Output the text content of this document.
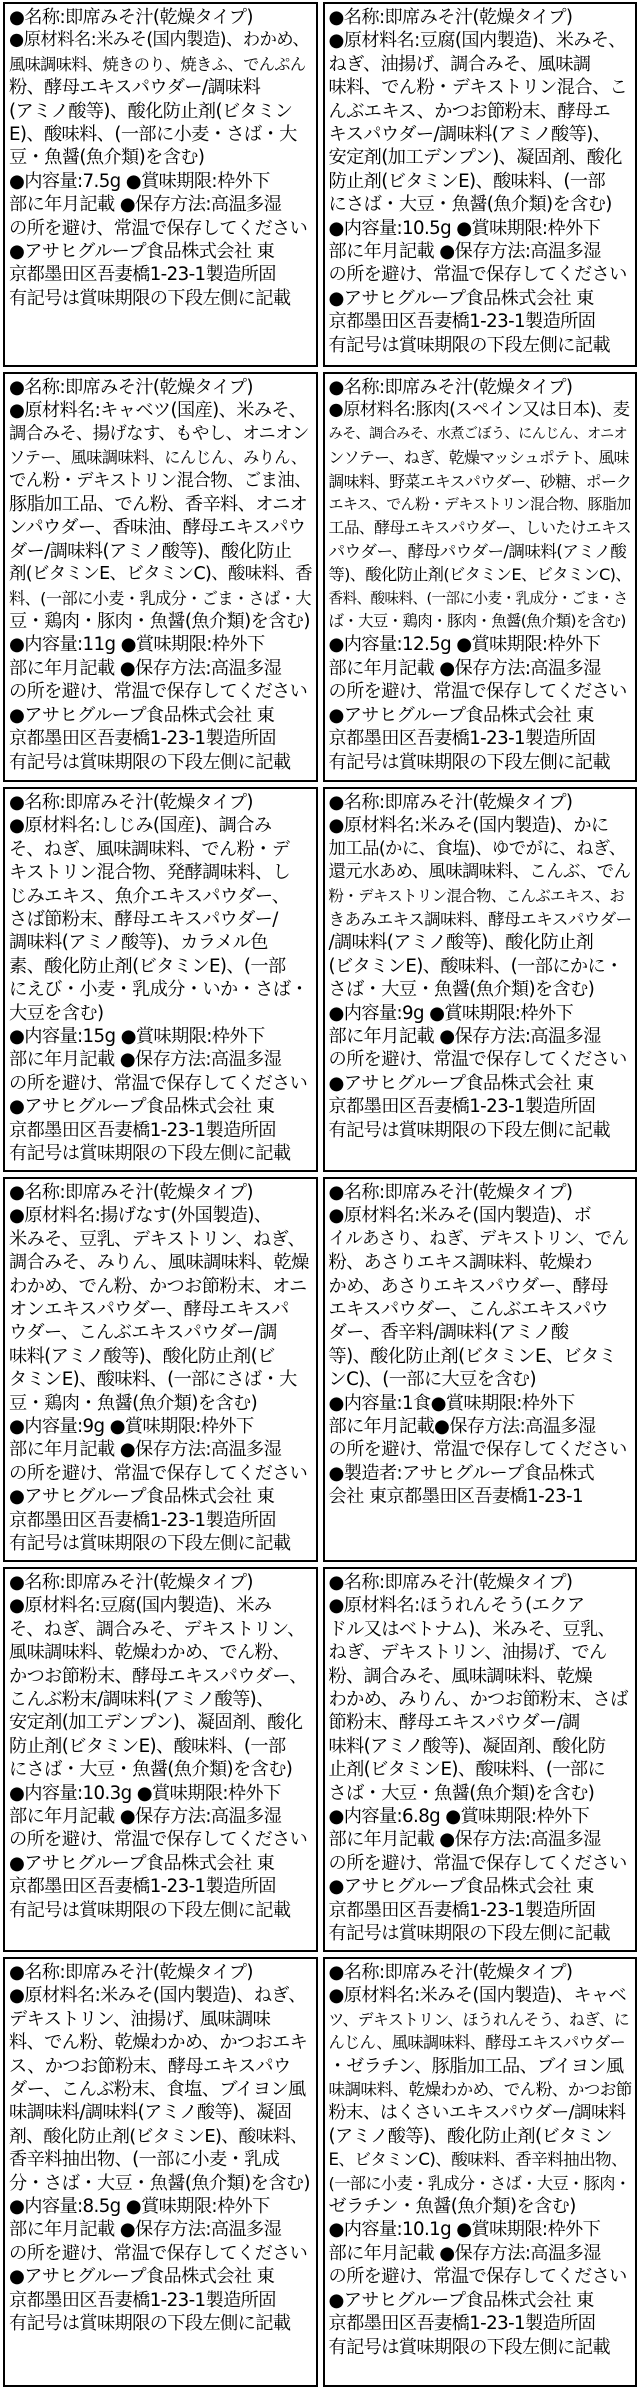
●名称:即席みそ汁(乾燥タイプ)
●原材料名:米みそ(国内製造)、わかめ、
風味調味料、焼きのり、焼きふ、でんぷん
粉、酵母エキスパウダー/調味料
(アミノ酸等)、酸化防止剤(ビタミン
E)、酸味料、(一部に小麦・さば・大
豆・魚醤(魚介類)を含む)
●内容量:7.5g ●賞味期限:枠外下
部に年月記載 ●保存方法:高温多湿
の所を避け、常温で保存してください
●アサヒグループ食品株式会社 東
京都墨田区吾妻橋1-23-1製造所固
有記号は賞味期限の下段左側に記載
●名称:即席みそ汁(乾燥タイプ)
●原材料名:豆腐(国内製造)、米みそ、
ねぎ、油揚げ、調合みそ、風味調
味料、でん粉・デキストリン混合、こ
んぶエキス、かつお節粉末、酵母エ
キスパウダー/調味料(アミノ酸等)、
安定剤(加工デンプン)、凝固剤、酸化
防止剤(ビタミンE)、酸味料、(一部
にさば・大豆・魚醤(魚介類)を含む)
●内容量:10.5g ●賞味期限:枠外下
部に年月記載 ●保存方法:高温多湿
の所を避け、常温で保存してください
●アサヒグループ食品株式会社 東
京都墨田区吾妻橋1-23-1製造所固
有記号は賞味期限の下段左側に記載
●名称:即席みそ汁(乾燥タイプ)
●原材料名:キャベツ(国産)、米みそ、
調合みそ、揚げなす、もやし、オニオン
ソテー、風味調味料、にんじん、みりん、
でん粉・デキストリン混合物、ごま油、
豚脂加工品、でん粉、香辛料、オニオ
ンパウダー、香味油、酵母エキスパウ
ダー/調味料(アミノ酸等)、酸化防止
剤(ビタミンE、ビタミンC)、酸味料、香
料、(一部に小麦・乳成分・ごま・さば・大
豆・鶏肉・豚肉・魚醤(魚介類)を含む)
●内容量:11g ●賞味期限:枠外下
部に年月記載 ●保存方法:高温多湿
の所を避け、常温で保存してください
●アサヒグループ食品株式会社 東
京都墨田区吾妻橋1-23-1製造所固
有記号は賞味期限の下段左側に記載
●名称:即席みそ汁(乾燥タイプ)
●原材料名:豚肉(スペイン又は日本)、麦
みそ、調合みそ、水煮ごぼう、にんじん、オニオ
ンソテー、ねぎ、乾燥マッシュポテト、風味
調味料、野菜エキスパウダー、砂糖、ポーク
エキス、でん粉・デキストリン混合物、豚脂加
工品、酵母エキスパウダー、しいたけエキス
パウダー、酵母パウダー/調味料(アミノ酸
等)、酸化防止剤(ビタミンE、ビタミンC)、
香料、酸味料、(一部に小麦・乳成分・ごま・さ
ば・大豆・鶏肉・豚肉・魚醤(魚介類)を含む)
●内容量:12.5g ●賞味期限:枠外下
部に年月記載 ●保存方法:高温多湿
の所を避け、常温で保存してください
●アサヒグループ食品株式会社 東
京都墨田区吾妻橋1-23-1製造所固
有記号は賞味期限の下段左側に記載
●名称:即席みそ汁(乾燥タイプ)
●原材料名:しじみ(国産)、調合み
そ、ねぎ、風味調味料、でん粉・デ
キストリン混合物、発酵調味料、し
じみエキス、魚介エキスパウダー、
さば節粉末、酵母エキスパウダー/
調味料(アミノ酸等)、カラメル色
素、酸化防止剤(ビタミンE)、(一部
にえび・小麦・乳成分・いか・さば・
大豆を含む)
●内容量:15g ●賞味期限:枠外下
部に年月記載 ●保存方法:高温多湿
の所を避け、常温で保存してください
●アサヒグループ食品株式会社 東
京都墨田区吾妻橋1-23-1製造所固
有記号は賞味期限の下段左側に記載
●名称:即席みそ汁(乾燥タイプ)
●原材料名:米みそ(国内製造)、かに
加工品(かに、食塩)、ゆでがに、ねぎ、
還元水あめ、風味調味料、こんぶ、でん
粉・デキストリン混合物、こんぶエキス、お
きあみエキス調味料、酵母エキスパウダー
/調味料(アミノ酸等)、酸化防止剤
(ビタミンE)、酸味料、(一部にかに・
さば・大豆・魚醤(魚介類)を含む)
●内容量:9g ●賞味期限:枠外下
部に年月記載 ●保存方法:高温多湿
の所を避け、常温で保存してください
●アサヒグループ食品株式会社 東
京都墨田区吾妻橋1-23-1製造所固
有記号は賞味期限の下段左側に記載
●名称:即席みそ汁(乾燥タイプ)
●原材料名:揚げなす(外国製造)、
米みそ、豆乳、デキストリン、ねぎ、
調合みそ、みりん、風味調味料、乾燥
わかめ、でん粉、かつお節粉末、オニ
オンエキスパウダー、酵母エキスパ
ウダー、こんぶエキスパウダー/調
味料(アミノ酸等)、酸化防止剤(ビ
タミンE)、酸味料、(一部にさば・大
豆・鶏肉・魚醤(魚介類)を含む)
●内容量:9g ●賞味期限:枠外下
部に年月記載 ●保存方法:高温多湿
の所を避け、常温で保存してください
●アサヒグループ食品株式会社 東
京都墨田区吾妻橋1-23-1製造所固
有記号は賞味期限の下段左側に記載
●名称:即席みそ汁(乾燥タイプ)
●原材料名:米みそ(国内製造)、ボ
イルあさり、ねぎ、デキストリン、でん
粉、あさりエキス調味料、乾燥わ
かめ、あさりエキスパウダー、酵母
エキスパウダー、こんぶエキスパウ
ダー、香辛料/調味料(アミノ酸
等)、酸化防止剤(ビタミンE、ビタミ
ンC)、(一部に大豆を含む)
●内容量:1食●賞味期限:枠外下
部に年月記載●保存方法:高温多湿
の所を避け、常温で保存してください
●製造者:アサヒグループ食品株式
会社 東京都墨田区吾妻橋1-23-1
●名称:即席みそ汁(乾燥タイプ)
●原材料名:豆腐(国内製造)、米み
そ、ねぎ、調合みそ、デキストリン、
風味調味料、乾燥わかめ、でん粉、
かつお節粉末、酵母エキスパウダー、
こんぶ粉末/調味料(アミノ酸等)、
安定剤(加工デンプン)、凝固剤、酸化
防止剤(ビタミンE)、酸味料、(一部
にさば・大豆・魚醤(魚介類)を含む)
●内容量:10.3g ●賞味期限:枠外下
部に年月記載 ●保存方法:高温多湿
の所を避け、常温で保存してください
●アサヒグループ食品株式会社 東
京都墨田区吾妻橋1-23-1製造所固
有記号は賞味期限の下段左側に記載
●名称:即席みそ汁(乾燥タイプ)
●原材料名:ほうれんそう(エクア
ドル又はベトナム)、米みそ、豆乳、
ねぎ、デキストリン、油揚げ、でん
粉、調合みそ、風味調味料、乾燥
わかめ、みりん、かつお節粉末、さば
節粉末、酵母エキスパウダー/調
味料(アミノ酸等)、凝固剤、酸化防
止剤(ビタミンE)、酸味料、(一部に
さば・大豆・魚醤(魚介類)を含む)
●内容量:6.8g ●賞味期限:枠外下
部に年月記載 ●保存方法:高温多湿
の所を避け、常温で保存してください
●アサヒグループ食品株式会社 東
京都墨田区吾妻橋1-23-1製造所固
有記号は賞味期限の下段左側に記載
●名称:即席みそ汁(乾燥タイプ)
●原材料名:米みそ(国内製造)、ねぎ、
デキストリン、油揚げ、風味調味
料、でん粉、乾燥わかめ、かつおエキ
ス、かつお節粉末、酵母エキスパウ
ダー、こんぶ粉末、食塩、ブイヨン風
味調味料/調味料(アミノ酸等)、凝固
剤、酸化防止剤(ビタミンE)、酸味料、
香辛料抽出物、(一部に小麦・乳成
分・さば・大豆・魚醤(魚介類)を含む)
●内容量:8.5g ●賞味期限:枠外下
部に年月記載 ●保存方法:高温多湿
の所を避け、常温で保存してください
●アサヒグループ食品株式会社 東
京都墨田区吾妻橋1-23-1製造所固
有記号は賞味期限の下段左側に記載
●名称:即席みそ汁(乾燥タイプ)
●原材料名:米みそ(国内製造)、キャベ
ツ、デキストリン、ほうれんそう、ねぎ、に
んじん、風味調味料、酵母エキスパウダー
・ゼラチン、豚脂加工品、ブイヨン風
味調味料、乾燥わかめ、でん粉、かつお節
粉末、はくさいエキスパウダー/調味料
(アミノ酸等)、酸化防止剤(ビタミン
E、ビタミンC)、酸味料、香辛料抽出物、
(一部に小麦・乳成分・さば・大豆・豚肉・
ゼラチン・魚醤(魚介類)を含む)
●内容量:10.1g ●賞味期限:枠外下
部に年月記載 ●保存方法:高温多湿
の所を避け、常温で保存してください
●アサヒグループ食品株式会社 東
京都墨田区吾妻橋1-23-1製造所固
有記号は賞味期限の下段左側に記載
